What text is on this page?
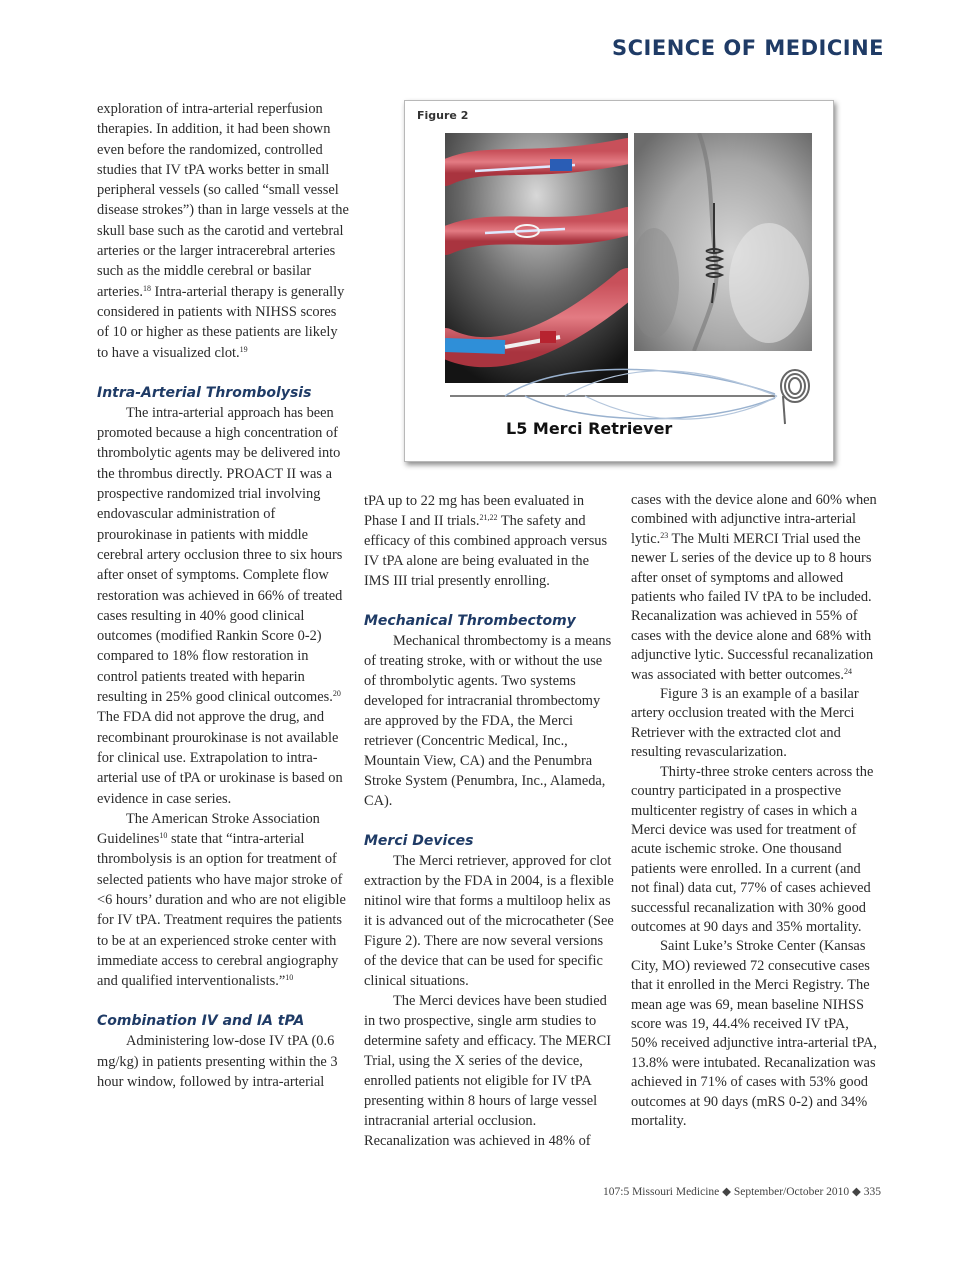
SCIENCE OF MEDICINE

exploration of intra-arterial reperfusion therapies. In addition, it had been shown even before the randomized, controlled studies that IV tPA works better in small peripheral vessels (so called “small vessel disease strokes”) than in large vessels at the skull base such as the carotid and vertebral arteries or the larger intracerebral arteries such as the middle cerebral or basilar arteries.$^{18}$ Intra-arterial therapy is generally considered in patients with NIHSS scores of 10 or higher as these patients are likely to have a visualized clot.$^{19}$

Intra-Arterial Thrombolysis

The intra-arterial approach has been promoted because a high concentration of thrombolytic agents may be delivered into the thrombus directly. PROACT II was a prospective randomized trial involving endovascular administration of prourokinase in patients with middle cerebral artery occlusion three to six hours after onset of symptoms. Complete flow restoration was achieved in 66% of treated cases resulting in 40% good clinical outcomes (modified Rankin Score 0-2) compared to 18% flow restoration in control patients treated with heparin resulting in 25% good clinical outcomes.$^{20}$ The FDA did not approve the drug, and recombinant prourokinase is not available for clinical use. Extrapolation to intra-arterial use of tPA or urokinase is based on evidence in case series.

The American Stroke Association Guidelines$^{10}$ state that “intra-arterial thrombolysis is an option for treatment of selected patients who have major stroke of <6 hours’ duration and who are not eligible for IV tPA. Treatment requires the patients to be at an experienced stroke center with immediate access to cerebral angiography and qualified interventionalists.”$^{10}$

Combination IV and IA tPA

Administering low-dose IV tPA (0.6 mg/kg) in patients presenting within the 3 hour window, followed by intra-arterial

Figure 2
L5 Merci Retriever

tPA up to 22 mg has been evaluated in Phase I and II trials.$^{21,22}$ The safety and efficacy of this combined approach versus IV tPA alone are being evaluated in the IMS III trial presently enrolling.

Mechanical Thrombectomy

Mechanical thrombectomy is a means of treating stroke, with or without the use of thrombolytic agents. Two systems developed for intracranial thrombectomy are approved by the FDA, the Merci retriever (Concentric Medical, Inc., Mountain View, CA) and the Penumbra Stroke System (Penumbra, Inc., Alameda, CA).

Merci Devices

The Merci retriever, approved for clot extraction by the FDA in 2004, is a flexible nitinol wire that forms a multiloop helix as it is advanced out of the microcatheter (See Figure 2). There are now several versions of the device that can be used for specific clinical situations.

The Merci devices have been studied in two prospective, single arm studies to determine safety and efficacy. The MERCI Trial, using the X series of the device, enrolled patients not eligible for IV tPA presenting within 8 hours of large vessel intracranial arterial occlusion. Recanalization was achieved in 48% of

cases with the device alone and 60% when combined with adjunctive intra-arterial lytic.$^{23}$ The Multi MERCI Trial used the newer L series of the device up to 8 hours after onset of symptoms and allowed patients who failed IV tPA to be included. Recanalization was achieved in 55% of cases with the device alone and 68% with adjunctive lytic. Successful recanalization was associated with better outcomes.$^{24}$

Figure 3 is an example of a basilar artery occlusion treated with the Merci Retriever with the extracted clot and resulting revascularization.

Thirty-three stroke centers across the country participated in a prospective multicenter registry of cases in which a Merci device was used for treatment of acute ischemic stroke. One thousand patients were enrolled. In a current (and not final) data cut, 77% of cases achieved successful recanalization with 30% good outcomes at 90 days and 35% mortality.

Saint Luke’s Stroke Center (Kansas City, MO) reviewed 72 consecutive cases that it enrolled in the Merci Registry. The mean age was 69, mean baseline NIHSS score was 19, 44.4% received IV tPA, 50% received adjunctive intra-arterial tPA, 13.8% were intubated. Recanalization was achieved in 71% of cases with 53% good outcomes at 90 days (mRS 0-2) and 34% mortality.

107:5 Missouri Medicine ◆ September/October 2010 ◆ 335
